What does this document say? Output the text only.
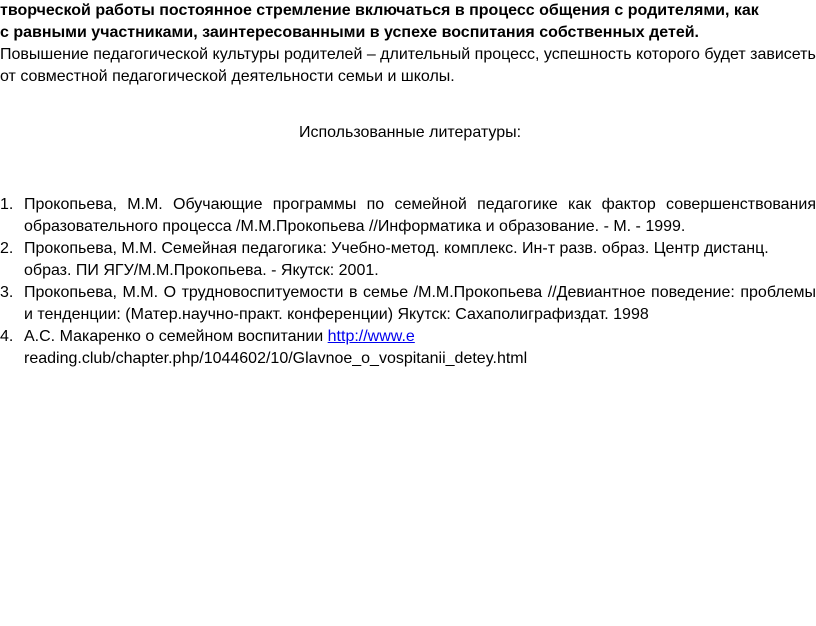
творческой работы постоянное стремление включаться в процесс общения с родителями, как

с равными участниками, заинтересованными в успехе воспитания собственных детей.

Повышение педагогической культуры родителей – длительный процесс, успешность которого будет зависеть от совместной педагогической деятельности семьи и школы.

Использованные литературы:

1. Прокопьева, М.М. Обучающие программы по семейной педагогике как фактор совершенствования образовательного процесса /М.М.Прокопьева //Информатика и образование. - М. - 1999.
2. Прокопьева, М.М. Семейная педагогика: Учебно-метод. комплекс. Ин-т разв. образ. Центр дистанц. образ. ПИ ЯГУ/М.М.Прокопьева. - Якутск: 2001.
3. Прокопьева, М.М. О трудновоспитуемости в семье /М.М.Прокопьева //Девиантное поведение: проблемы и тенденции: (Матер.научно-практ. конференции) Якутск: Сахаполиграфиздат. 1998
4. А.С. Макаренко о семейном воспитании http://www.e
reading.club/chapter.php/1044602/10/Glavnoe_o_vospitanii_detey.html
